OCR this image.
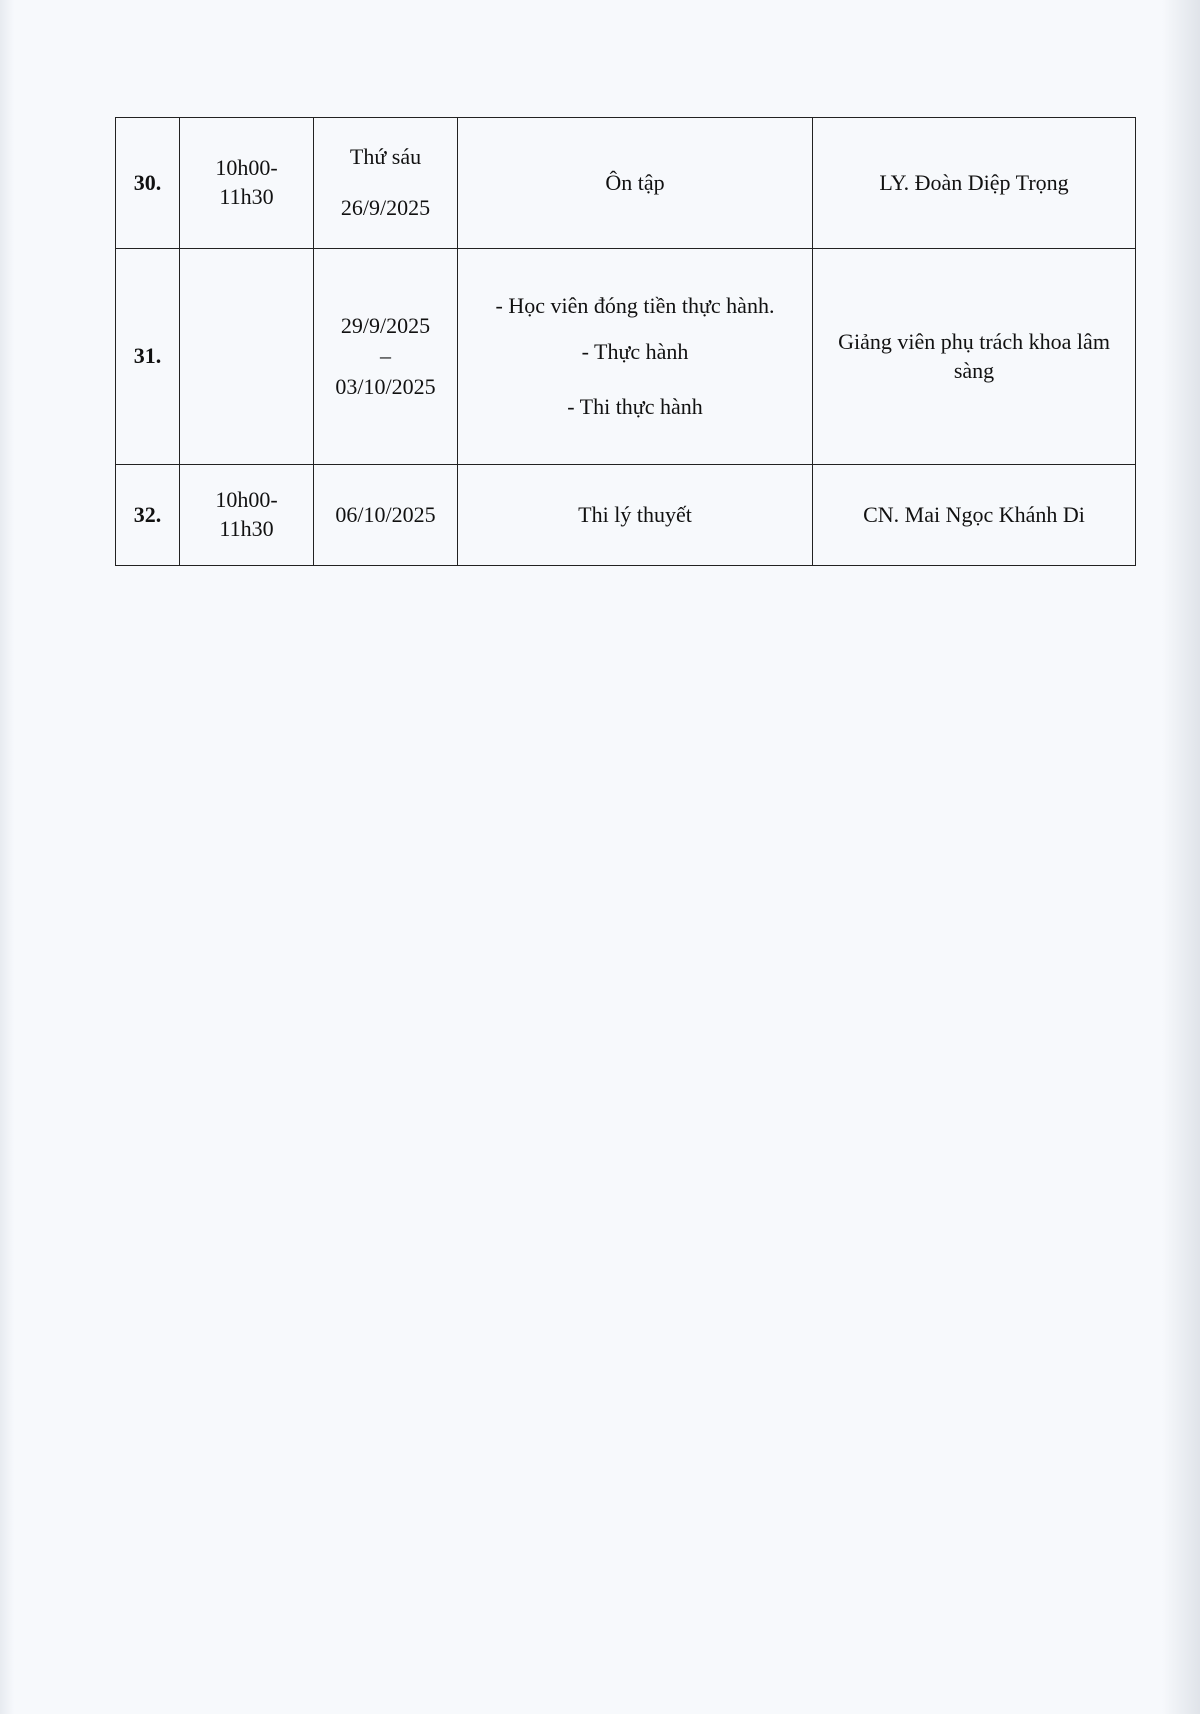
30.	10h00-
11h30	Thứ sáu
26/9/2025	Ôn tập	LY. Đoàn Diệp Trọng

31.		29/9/2025
–
03/10/2025	- Học viên đóng tiền thực hành.
- Thực hành
- Thi thực hành	Giảng viên phụ trách khoa lâm sàng

32.	10h00-
11h30	06/10/2025	Thi lý thuyết	CN. Mai Ngọc Khánh Di
